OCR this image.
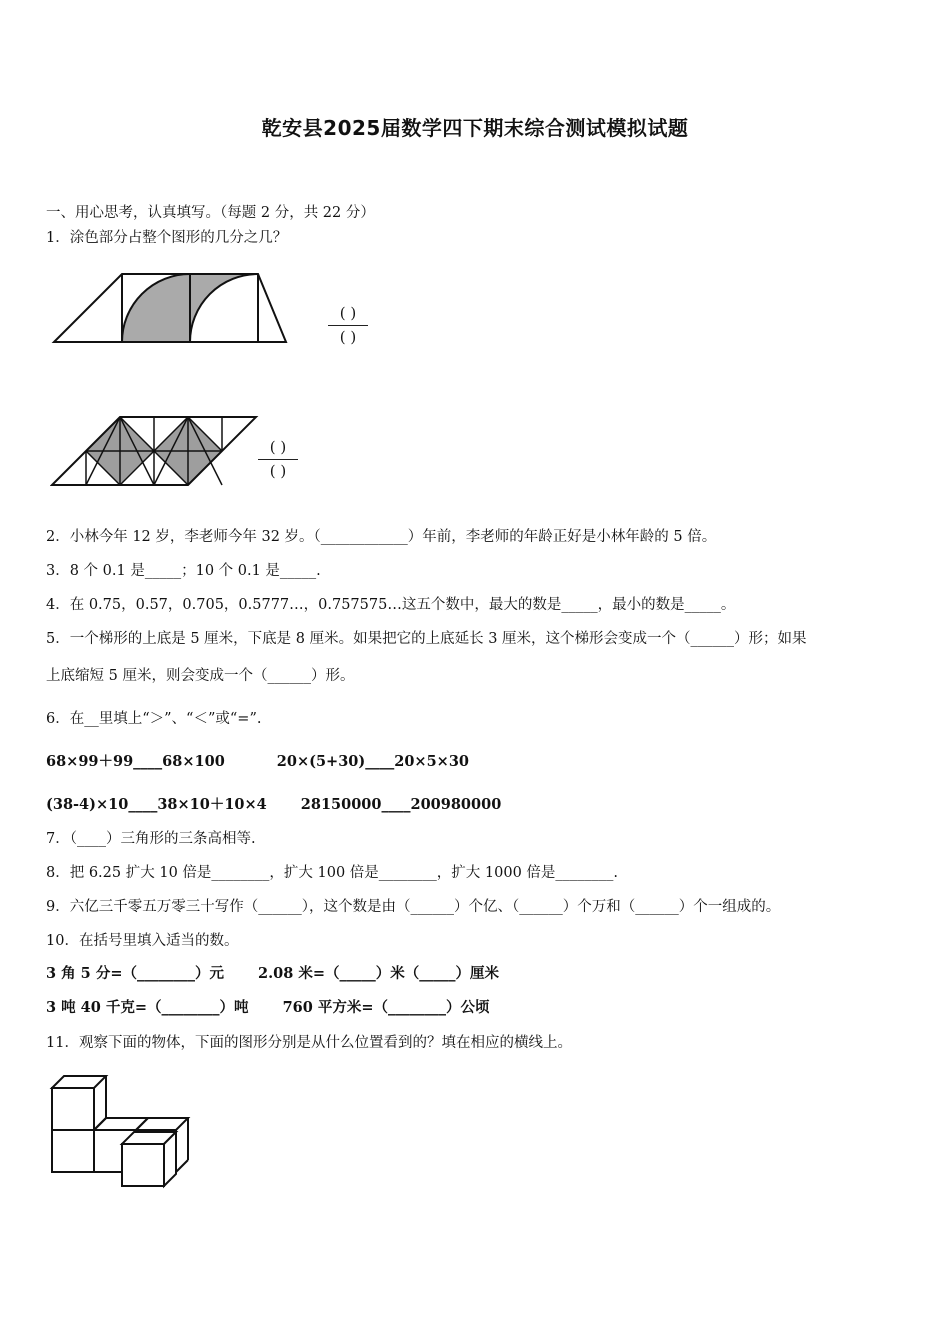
乾安县2025届数学四下期末综合测试模拟试题
一、用心思考，认真填写。（每题 2 分，共 22 分）
1．涂色部分占整个图形的几分之几？
( )
( )
( )
( )
2．小林今年 12 岁，李老师今年 32 岁。（____________）年前，李老师的年龄正好是小林年龄的 5 倍。
3．8 个 0.1 是_____；10 个 0.1 是_____.
4．在 0.75，0.57，0.705，0.5777…，0.757575…这五个数中，最大的数是_____，最小的数是_____。
5．一个梯形的上底是 5 厘米，下底是 8 厘米。如果把它的上底延长 3 厘米，这个梯形会变成一个（______）形；如果
上底缩短 5 厘米，则会变成一个（______）形。
6．在__里填上“＞”、“＜”或“=”.
68×99＋99____68×100	20×(5+30)____20×5×30
(38-4)×10____38×10＋10×4 28150000____200980000
7．（____）三角形的三条高相等.
8．把 6.25 扩大 10 倍是________，扩大 100 倍是________，扩大 1000 倍是________.
9．六亿三千零五万零三十写作（______），这个数是由（______）个亿、（______）个万和（______）个一组成的。
10．在括号里填入适当的数。
3 角 5 分=（________）元 2.08 米=（_____）米（_____）厘米
3 吨 40 千克=（________）吨 760 平方米=（________）公顷
11．观察下面的物体，下面的图形分别是从什么位置看到的？填在相应的横线上。
